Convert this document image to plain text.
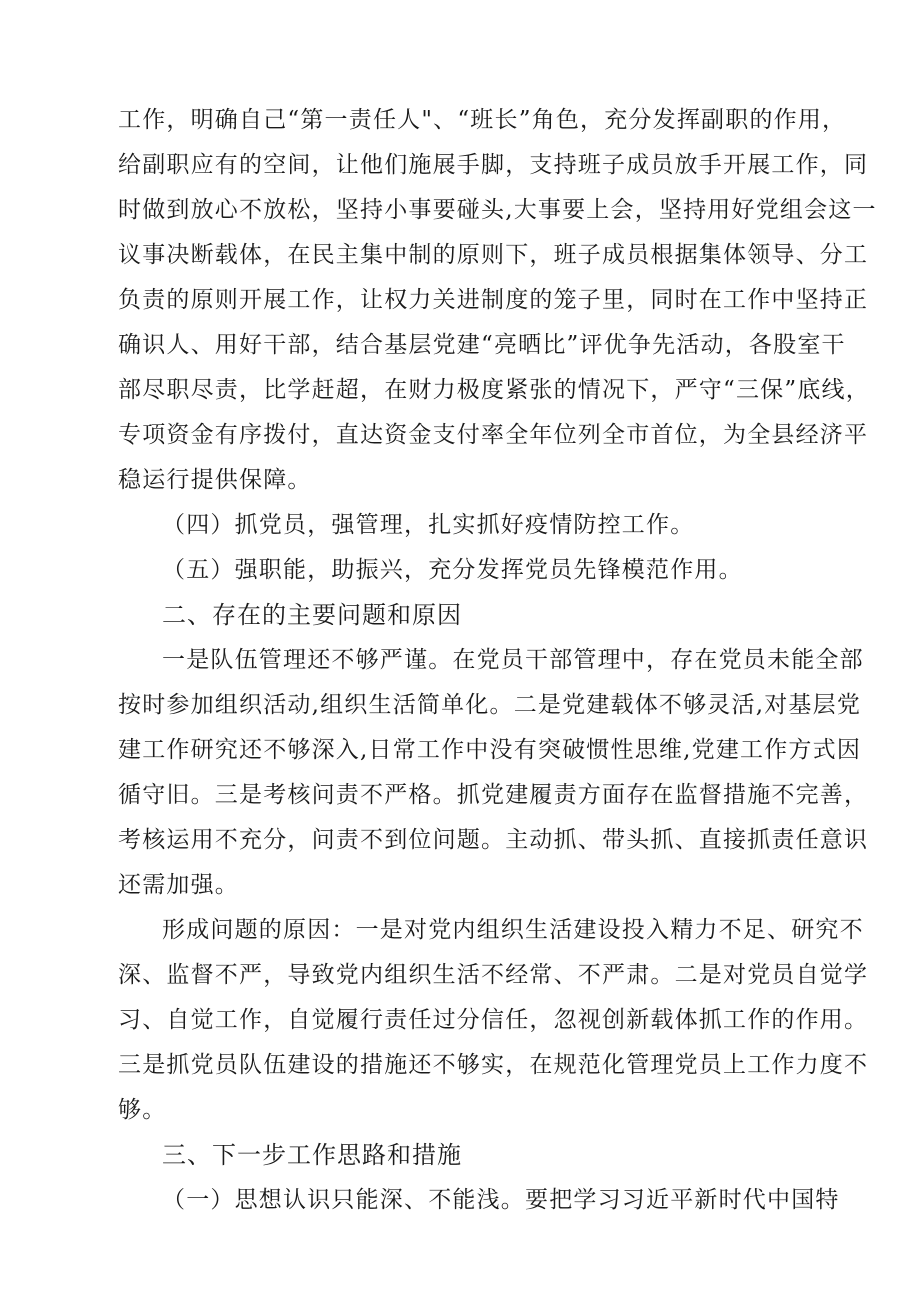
工作，明确自己“第一责任人"、“班长”角色，充分发挥副职的作用，
给副职应有的空间，让他们施展手脚，支持班子成员放手开展工作，同
时做到放心不放松，坚持小事要碰头,大事要上会，坚持用好党组会这一
议事决断载体，在民主集中制的原则下，班子成员根据集体领导、分工
负责的原则开展工作，让权力关进制度的笼子里，同时在工作中坚持正
确识人、用好干部，结合基层党建“亮晒比”评优争先活动，各股室干
部尽职尽责，比学赶超，在财力极度紧张的情况下，严守“三保”底线，
专项资金有序拨付，直达资金支付率全年位列全市首位，为全县经济平
稳运行提供保障。
（四）抓党员，强管理，扎实抓好疫情防控工作。
（五）强职能，助振兴，充分发挥党员先锋模范作用。
二、存在的主要问题和原因
一是队伍管理还不够严谨。在党员干部管理中，存在党员未能全部
按时参加组织活动,组织生活简单化。二是党建载体不够灵活,对基层党
建工作研究还不够深入,日常工作中没有突破惯性思维,党建工作方式因
循守旧。三是考核问责不严格。抓党建履责方面存在监督措施不完善，
考核运用不充分，问责不到位问题。主动抓、带头抓、直接抓责任意识
还需加强。
形成问题的原因：一是对党内组织生活建设投入精力不足、研究不
深、监督不严，导致党内组织生活不经常、不严肃。二是对党员自觉学
习、自觉工作，自觉履行责任过分信任，忽视创新载体抓工作的作用。
三是抓党员队伍建设的措施还不够实，在规范化管理党员上工作力度不
够。
三、下一步工作思路和措施
（一）思想认识只能深、不能浅。要把学习习近平新时代中国特
